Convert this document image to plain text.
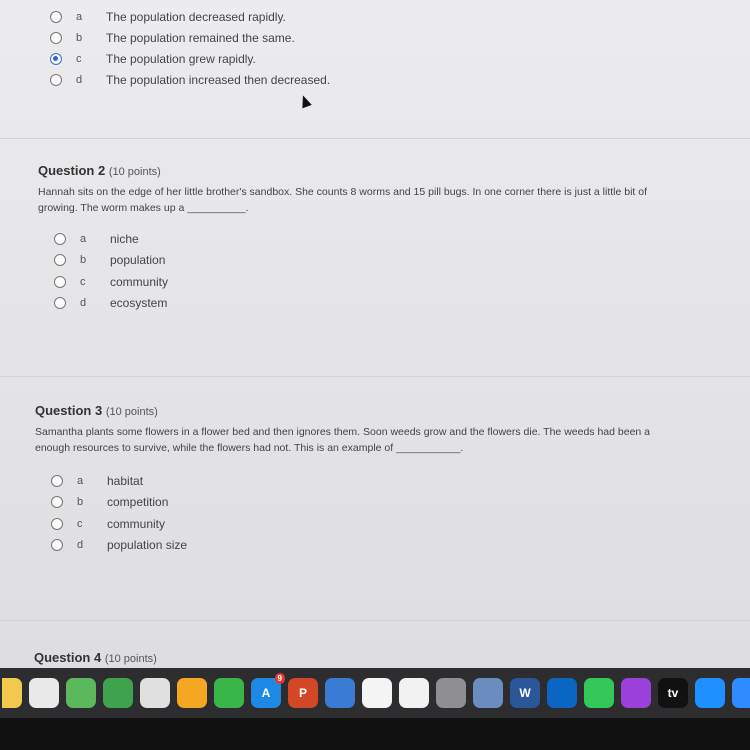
a	The population decreased rapidly.
b	The population remained the same.
c	The population grew rapidly.
d	The population increased then decreased.
Question 2 (10 points)
Hannah sits on the edge of her little brother's sandbox. She counts 8 worms and 15 pill bugs. In one corner there is just a little bit of
growing. The worm makes up a __________.
a	niche
b	population
c	community
d	ecosystem
Question 3 (10 points)
Samantha plants some flowers in a flower bed and then ignores them. Soon weeds grow and the flowers die. The weeds had been a
enough resources to survive, while the flowers had not. This is an example of ___________.
a	habitat
b	competition
c	community
d	population size
Question 4 (10 points)
A
9
P	W	tv
